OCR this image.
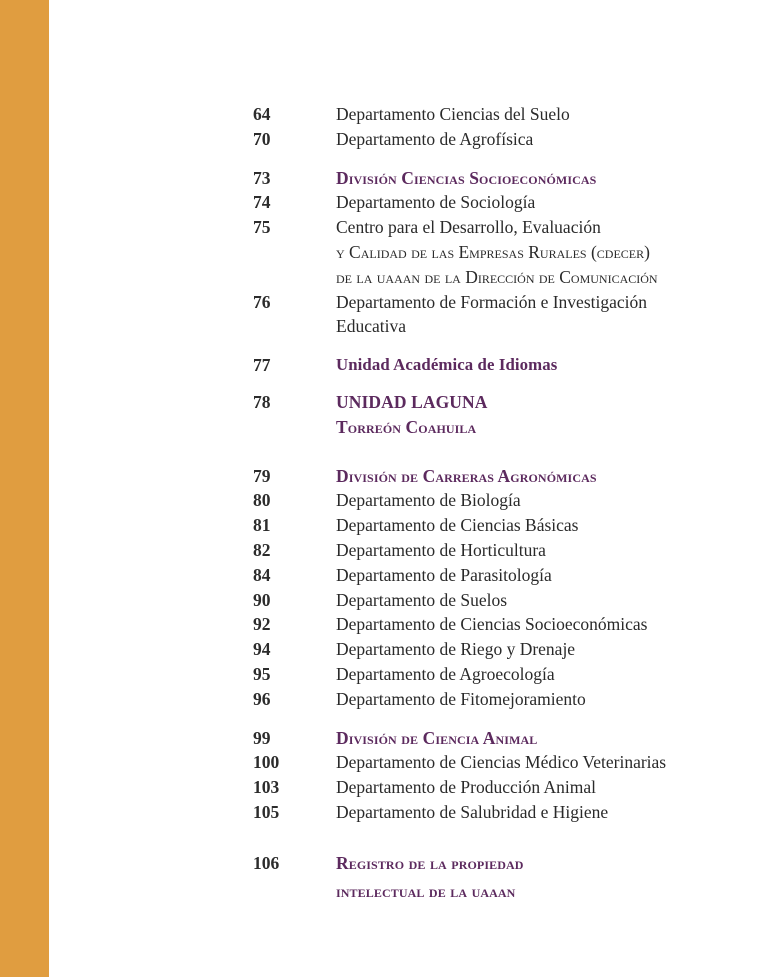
64	Departamento Ciencias del Suelo
70	Departamento de Agrofísica
73	División Ciencias Socioeconómicas
74	Departamento de Sociología
75	Centro para el Desarrollo, Evaluación
y Calidad de las Empresas Rurales (cdecer)
de la uaaan de la Dirección de Comunicación
76	Departamento de Formación e Investigación
Educativa
77	Unidad Académica de Idiomas
78	UNIDAD LAGUNA
Torreón Coahuila
79	División de Carreras Agronómicas
80	Departamento de Biología
81	Departamento de Ciencias Básicas
82	Departamento de Horticultura
84	Departamento de Parasitología
90	Departamento de Suelos
92	Departamento de Ciencias Socioeconómicas
94	Departamento de Riego y Drenaje
95	Departamento de Agroecología
96	Departamento de Fitomejoramiento
99	División de Ciencia Animal
100	Departamento de Ciencias Médico Veterinarias
103	Departamento de Producción Animal
105	Departamento de Salubridad e Higiene
106	Registro de la propiedad
intelectual de la uaaan
